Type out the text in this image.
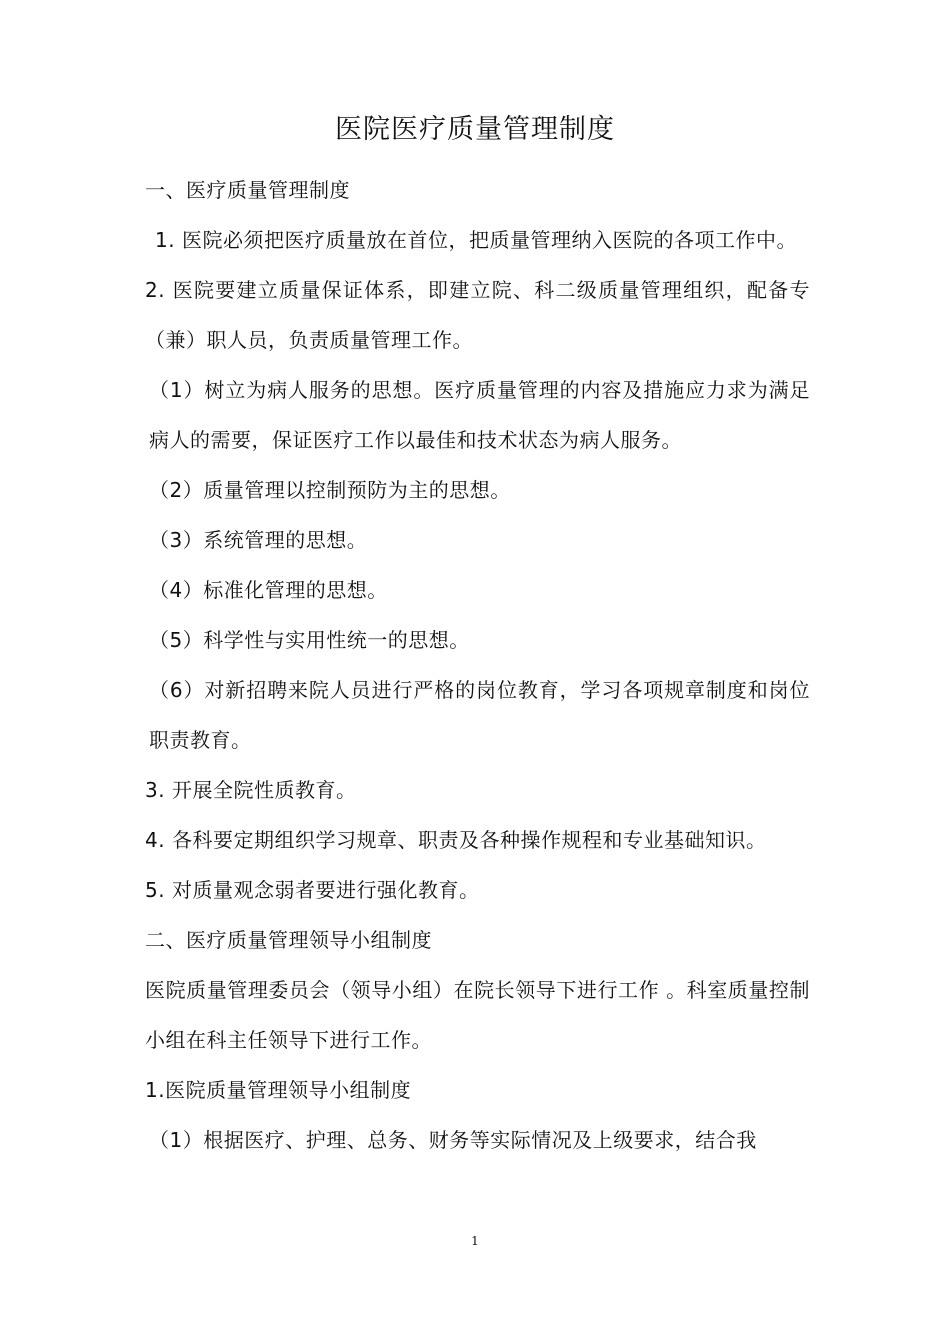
医院医疗质量管理制度

一、医疗质量管理制度

1. 医院必须把医疗质量放在首位，把质量管理纳入医院的各项工作中。

2. 医院要建立质量保证体系，即建立院、科二级质量管理组织，配备专（兼）职人员，负责质量管理工作。

（1）树立为病人服务的思想。医疗质量管理的内容及措施应力求为满足病人的需要，保证医疗工作以最佳和技术状态为病人服务。

（2）质量管理以控制预防为主的思想。

（3）系统管理的思想。

（4）标准化管理的思想。

（5）科学性与实用性统一的思想。

（6）对新招聘来院人员进行严格的岗位教育，学习各项规章制度和岗位职责教育。

3. 开展全院性质教育。

4. 各科要定期组织学习规章、职责及各种操作规程和专业基础知识。

5. 对质量观念弱者要进行强化教育。

二、医疗质量管理领导小组制度

医院质量管理委员会（领导小组）在院长领导下进行工作 。科室质量控制小组在科主任领导下进行工作。

1.医院质量管理领导小组制度

（1）根据医疗、护理、总务、财务等实际情况及上级要求，结合我

1
